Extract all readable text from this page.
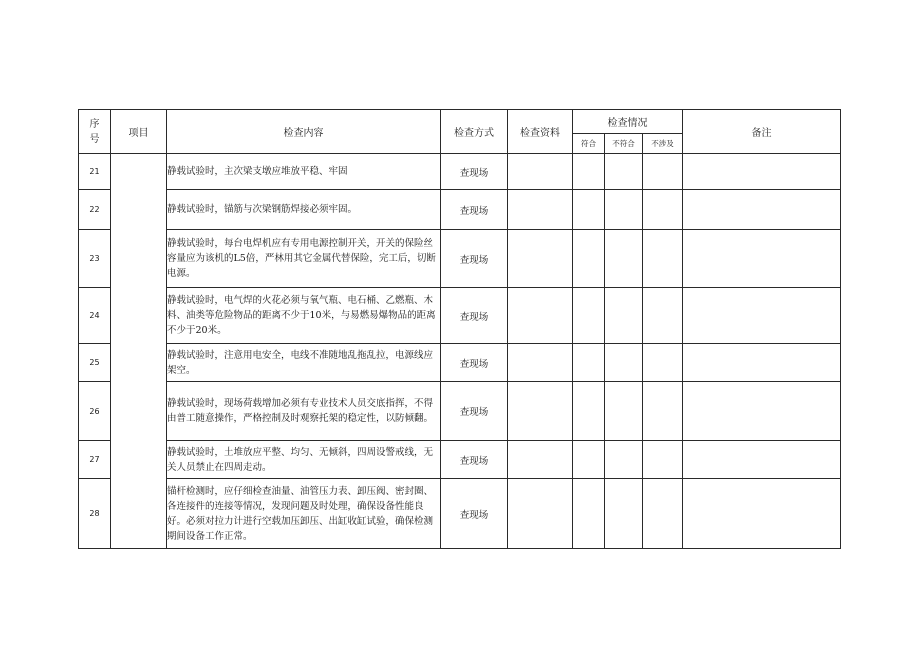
序号	项目	检查内容	检查方式	检查资料	检查情况			备注
					符合	不符合	不涉及	
21		静载试验时，主次梁支墩应堆放平稳、牢固	查现场					
22		静载试验时，锚筋与次梁钢筋焊接必须牢固。	查现场					
23		静载试验时，每台电焊机应有专用电源控制开关，开关的保险丝容量应为该机的L5倍，严林用其它金属代替保险，完工后，切断电源。	查现场					
24		静载试验时，电气焊的火花必须与氧气瓶、电石桶、乙燃瓶、木料、油类等危险物品的距离不少于10米，与易燃易爆物品的距离不少于20米。	查现场					
25		静载试验时，注意用电安全，电线不准随地乱拖乱拉，电源线应架空。	查现场					
26		静载试验时，现场荷载增加必须有专业技术人员交底指挥，不得由普工随意操作，严格控制及时观察托架的稳定性，以防倾翻。	查现场					
27		静载试验时，土堆放应平整、均匀、无倾斜，四周设警戒线，无关人员禁止在四周走动。	查现场					
28		锚杆检测时，应仔细检查油量、油管压力表、卸压阀、密封圈、各连接件的连接等情况，发现问题及时处理，确保设备性能良好。必须对拉力计进行空载加压卸压、出缸收缸试验，确保检测期间设备工作正常。	查现场					
